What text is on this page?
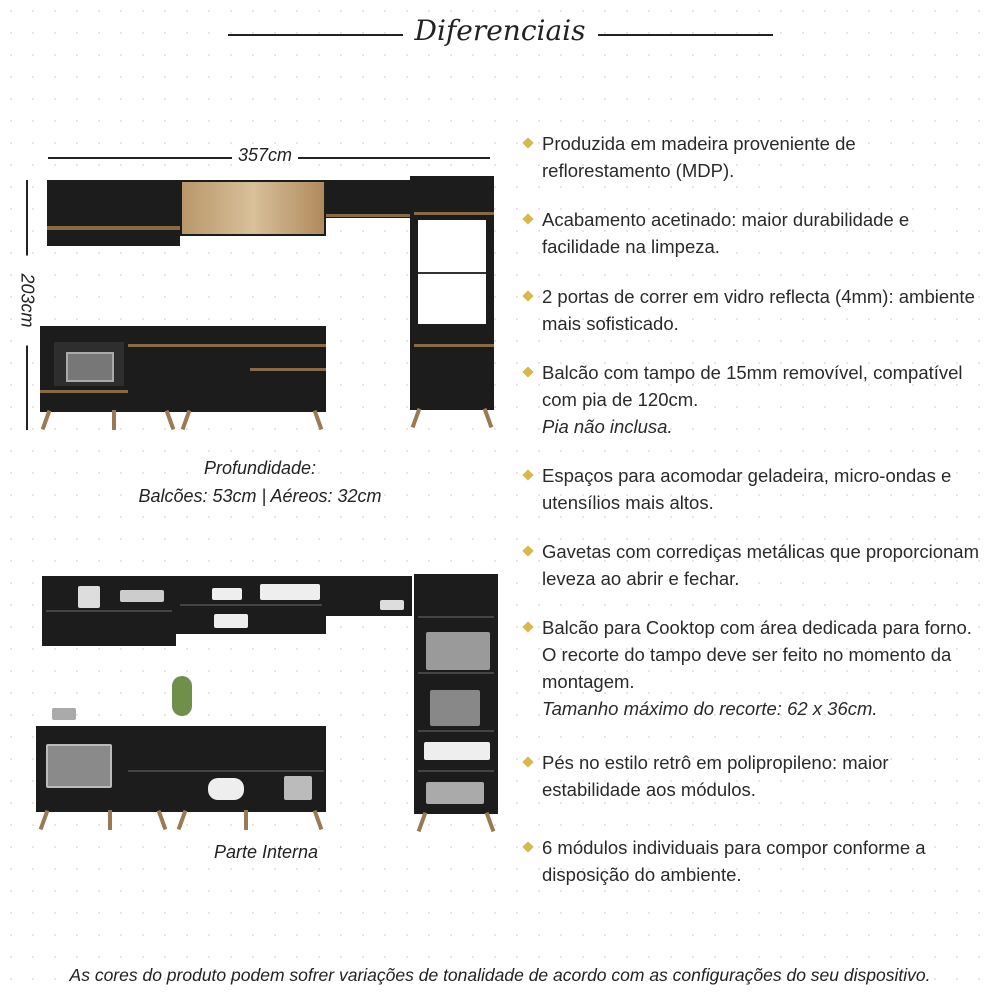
Diferenciais
357cm
203cm
Profundidade:
Balcões: 53cm | Aéreos: 32cm
Parte Interna
Produzida em madeira proveniente de reflorestamento (MDP).
Acabamento acetinado: maior durabilidade e facilidade na limpeza.
2 portas de correr em vidro reflecta (4mm): ambiente mais sofisticado.
Balcão com tampo de 15mm removível, compatível com pia de 120cm.
Pia não inclusa.
Espaços para acomodar geladeira, micro-ondas e utensílios mais altos.
Gavetas com corrediças metálicas que proporcionam leveza ao abrir e fechar.
Balcão para Cooktop com área dedicada para forno. O recorte do tampo deve ser feito no momento da montagem.
Tamanho máximo do recorte: 62 x 36cm.
Pés no estilo retrô em polipropileno: maior estabilidade aos módulos.
6 módulos individuais para compor conforme a disposição do ambiente.
As cores do produto podem sofrer variações de tonalidade de acordo com as configurações do seu dispositivo.
